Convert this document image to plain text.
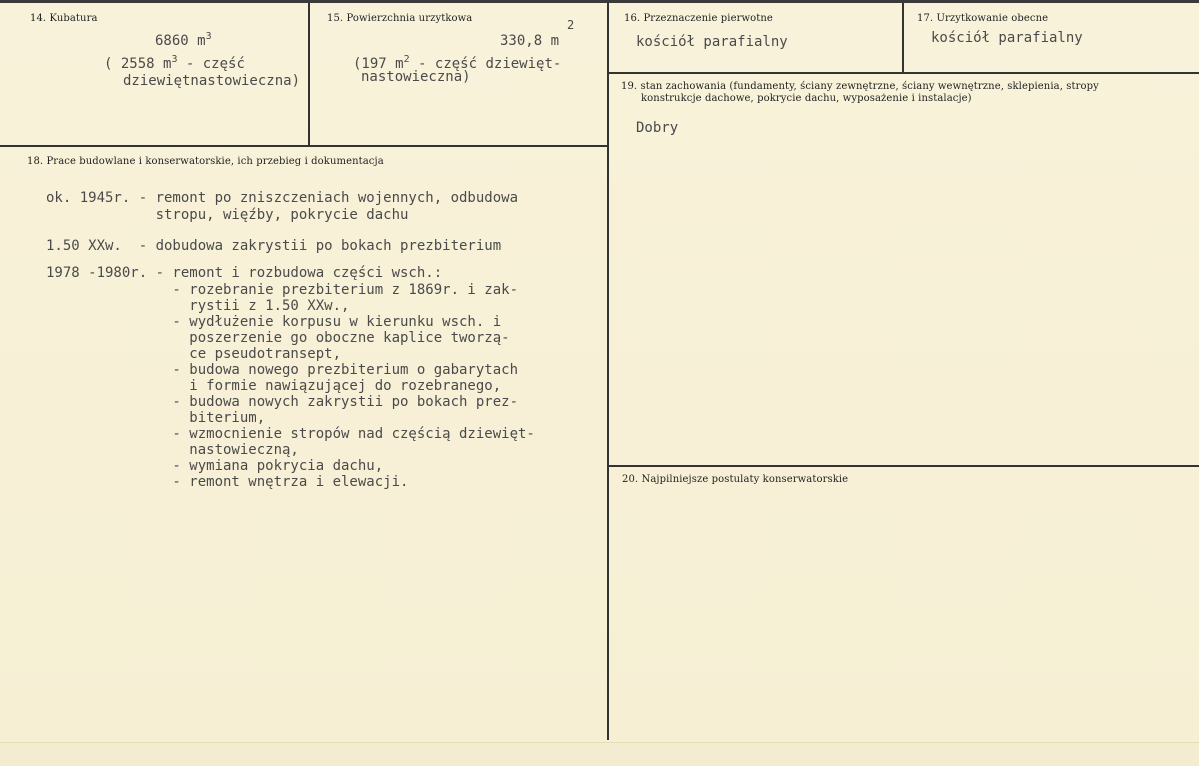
14. Kubatura
6860 $m^3$
( 2558 $m^3$ - część
dziewiętnastowieczna)
15. Powierzchnia urzytkowa	2
330,8 m
(197 $m^2$ - część dziewięt-
nastowieczna)
16. Przeznaczenie pierwotne
kościół parafialny
17. Urzytkowanie obecne
kościół parafialny
19. stan zachowania (fundamenty, ściany zewnętrzne, ściany wewnętrzne, sklepienia, stropy
konstrukcje dachowe, pokrycie dachu, wyposażenie i instalacje)
Dobry
18. Prace budowlane i konserwatorskie, ich przebieg i dokumentacja
ok. 1945r. - remont po zniszczeniach wojennych, odbudowa
stropu, więźby, pokrycie dachu
1.50 XXw.  - dobudowa zakrystii po bokach prezbiterium
1978 -1980r. - remont i rozbudowa części wsch.:
- rozebranie prezbiterium z 1869r. i zak-
rystii z 1.50 XXw.,
- wydłużenie korpusu w kierunku wsch. i
poszerzenie go oboczne kaplice tworzą-
ce pseudotransept,
- budowa nowego prezbiterium o gabarytach
i formie nawiązującej do rozebranego,
- budowa nowych zakrystii po bokach prez-
biterium,
- wzmocnienie stropów nad częścią dziewięt-
nastowieczną,
- wymiana pokrycia dachu,
- remont wnętrza i elewacji.	20. Najpilniejsze postulaty konserwatorskie
